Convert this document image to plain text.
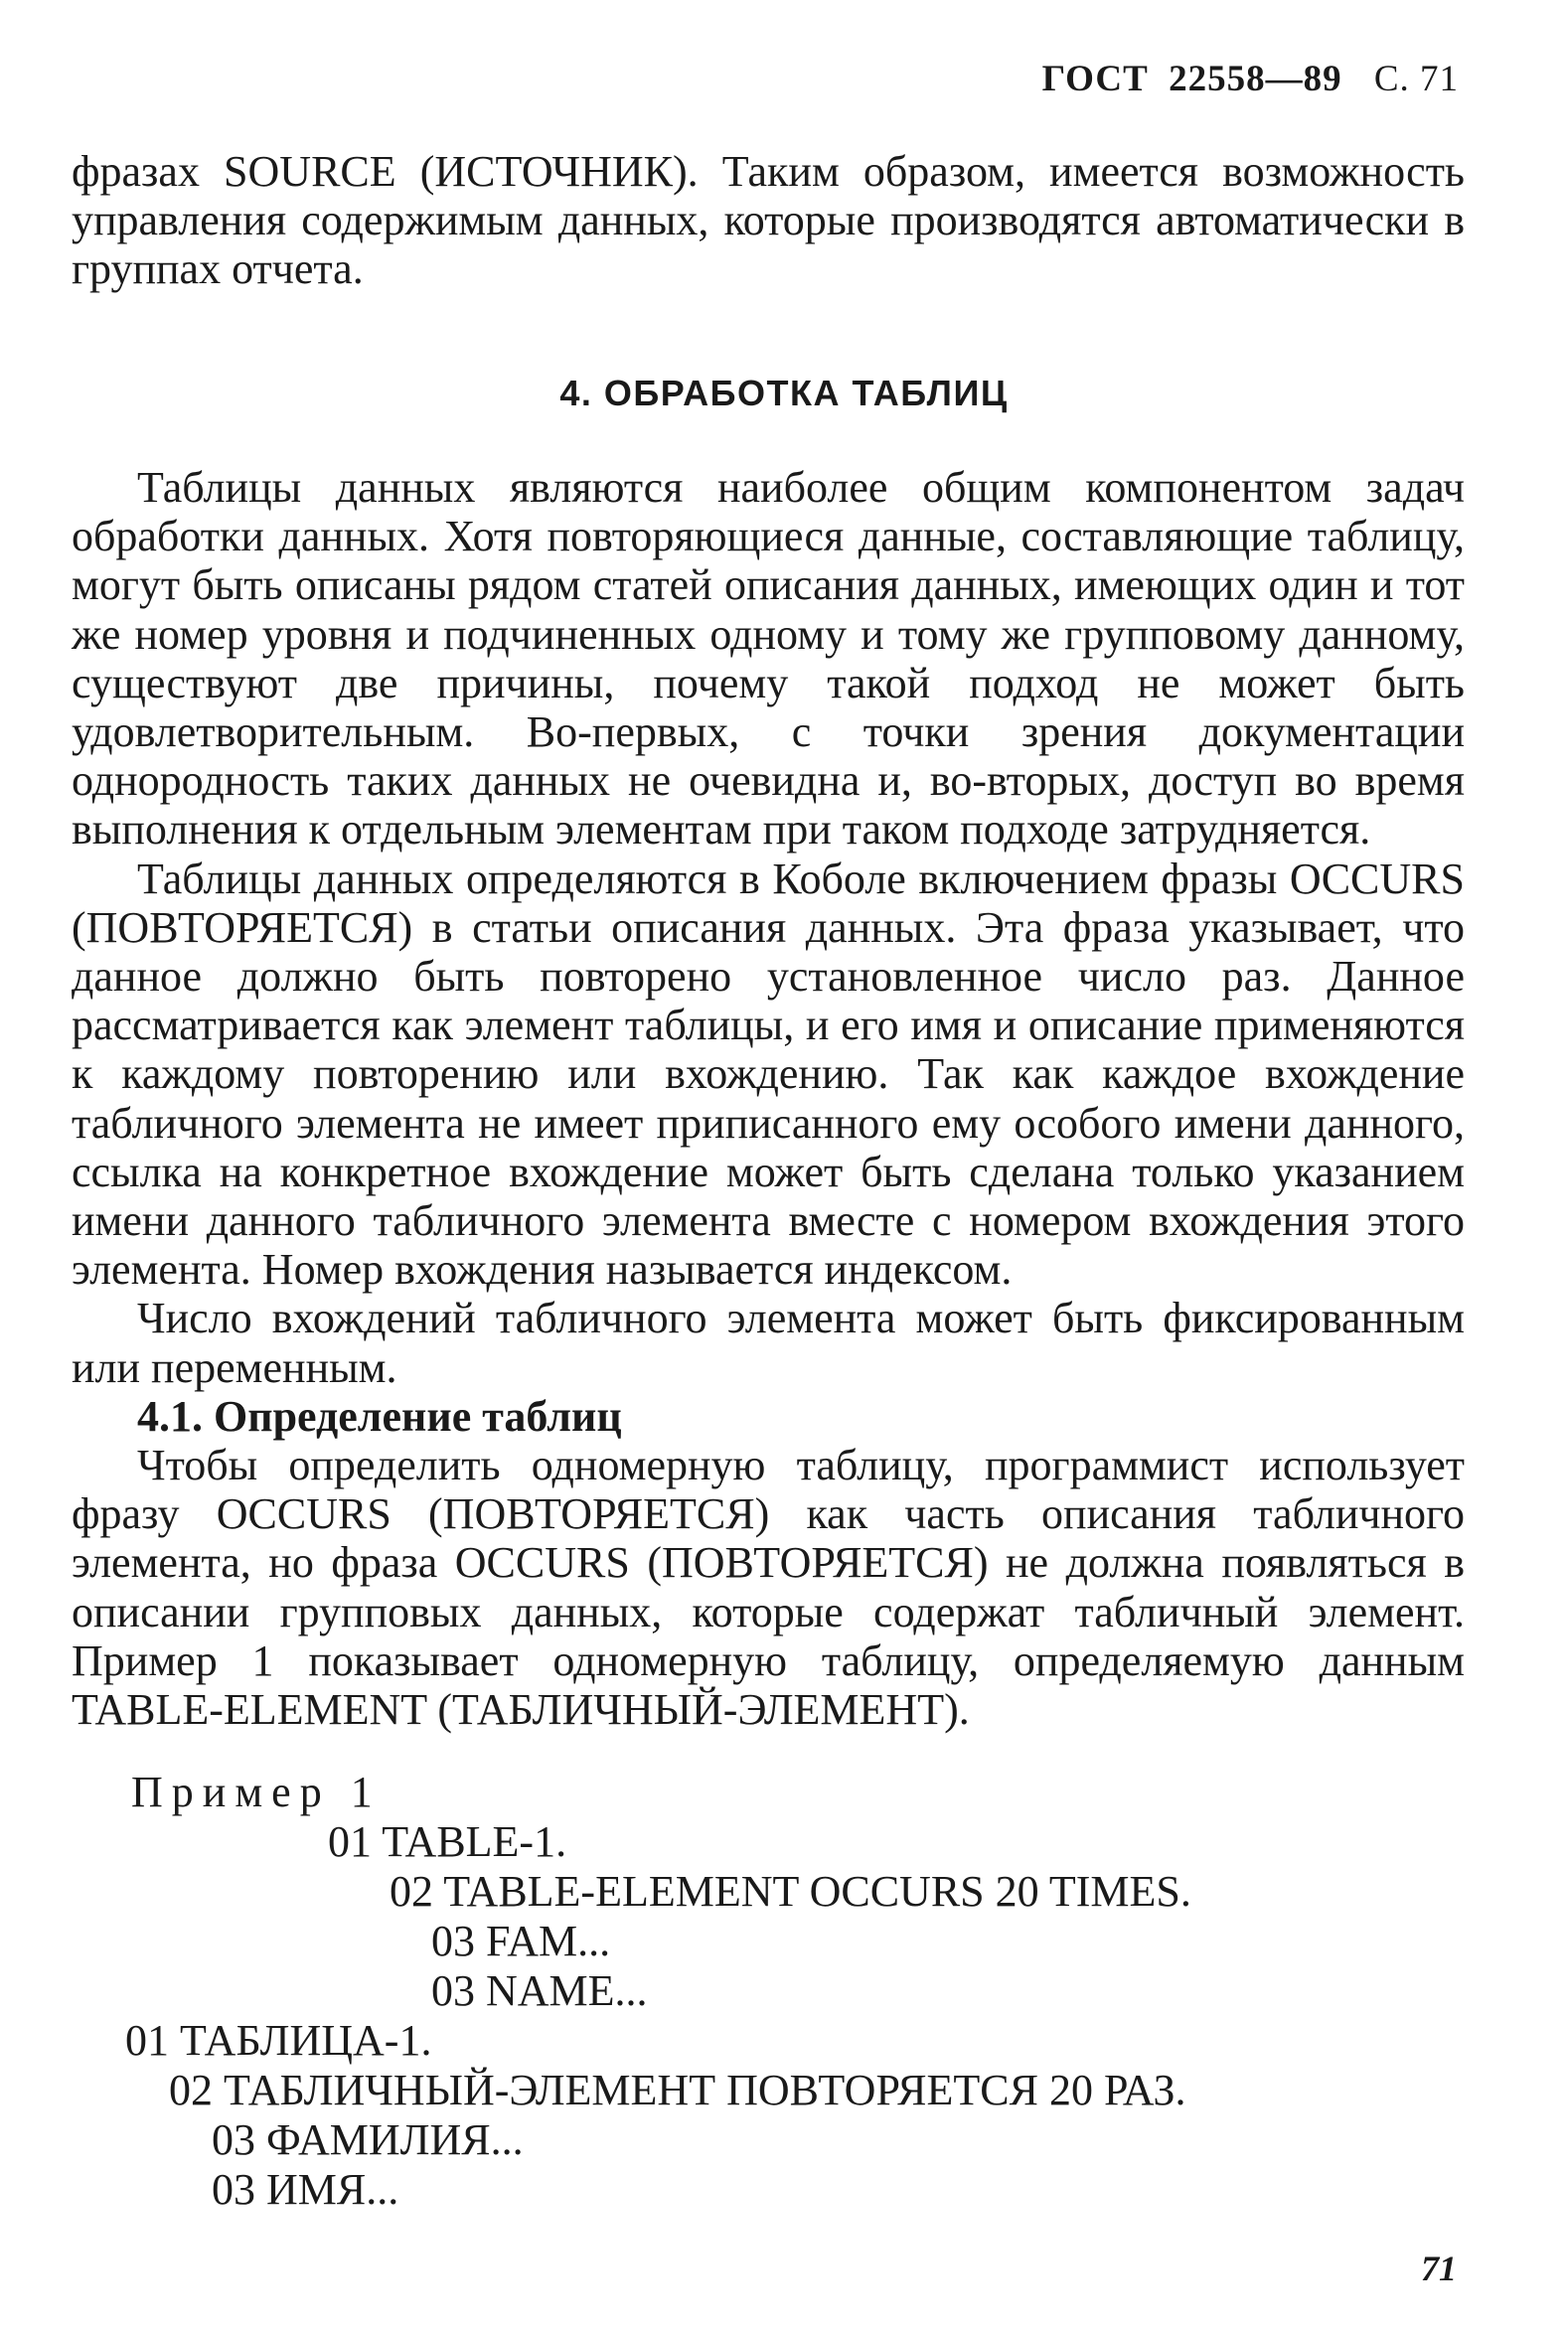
ГОСТ 22558—89 С. 71
фразах SOURCE (ИСТОЧНИК). Таким образом, имеется возможность управления содержимым данных, которые производятся автоматически в группах отчета.
4. ОБРАБОТКА ТАБЛИЦ
Таблицы данных являются наиболее общим компонентом задач обработки данных. Хотя повторяющиеся данные, составляющие таблицу, могут быть описаны рядом статей описания данных, имеющих один и тот же номер уровня и подчиненных одному и тому же групповому данному, существуют две причины, почему такой подход не может быть удовлетворительным. Во-первых, с точки зрения документации однородность таких данных не очевидна и, во-вторых, доступ во время выполнения к отдельным элементам при таком подходе затрудняется.
Таблицы данных определяются в Коболе включением фразы OCCURS (ПОВТОРЯЕТСЯ) в статьи описания данных. Эта фраза указывает, что данное должно быть повторено установленное число раз. Данное рассматривается как элемент таблицы, и его имя и описание применяются к каждому повторению или вхождению. Так как каждое вхождение табличного элемента не имеет приписанного ему особого имени данного, ссылка на конкретное вхождение может быть сделана только указанием имени данного табличного элемента вместе с номером вхождения этого элемента. Номер вхождения называется индексом.
Число вхождений табличного элемента может быть фиксированным или переменным.
4.1. Определение таблиц
Чтобы определить одномерную таблицу, программист использует фразу OCCURS (ПОВТОРЯЕТСЯ) как часть описания табличного элемента, но фраза OCCURS (ПОВТОРЯЕТСЯ) не должна появляться в описании групповых данных, которые содержат табличный элемент. Пример 1 показывает одномерную таблицу, определяемую данным TABLE-ELEMENT (ТАБЛИЧНЫЙ-ЭЛЕМЕНТ).
Пример 1
01 TABLE-1.
02 TABLE-ELEMENT OCCURS 20 TIMES.
03 FAM...
03 NAME...
01 ТАБЛИЦА-1.
02 ТАБЛИЧНЫЙ-ЭЛЕМЕНТ ПОВТОРЯЕТСЯ 20 РАЗ.
03 ФАМИЛИЯ...
03 ИМЯ...
71
